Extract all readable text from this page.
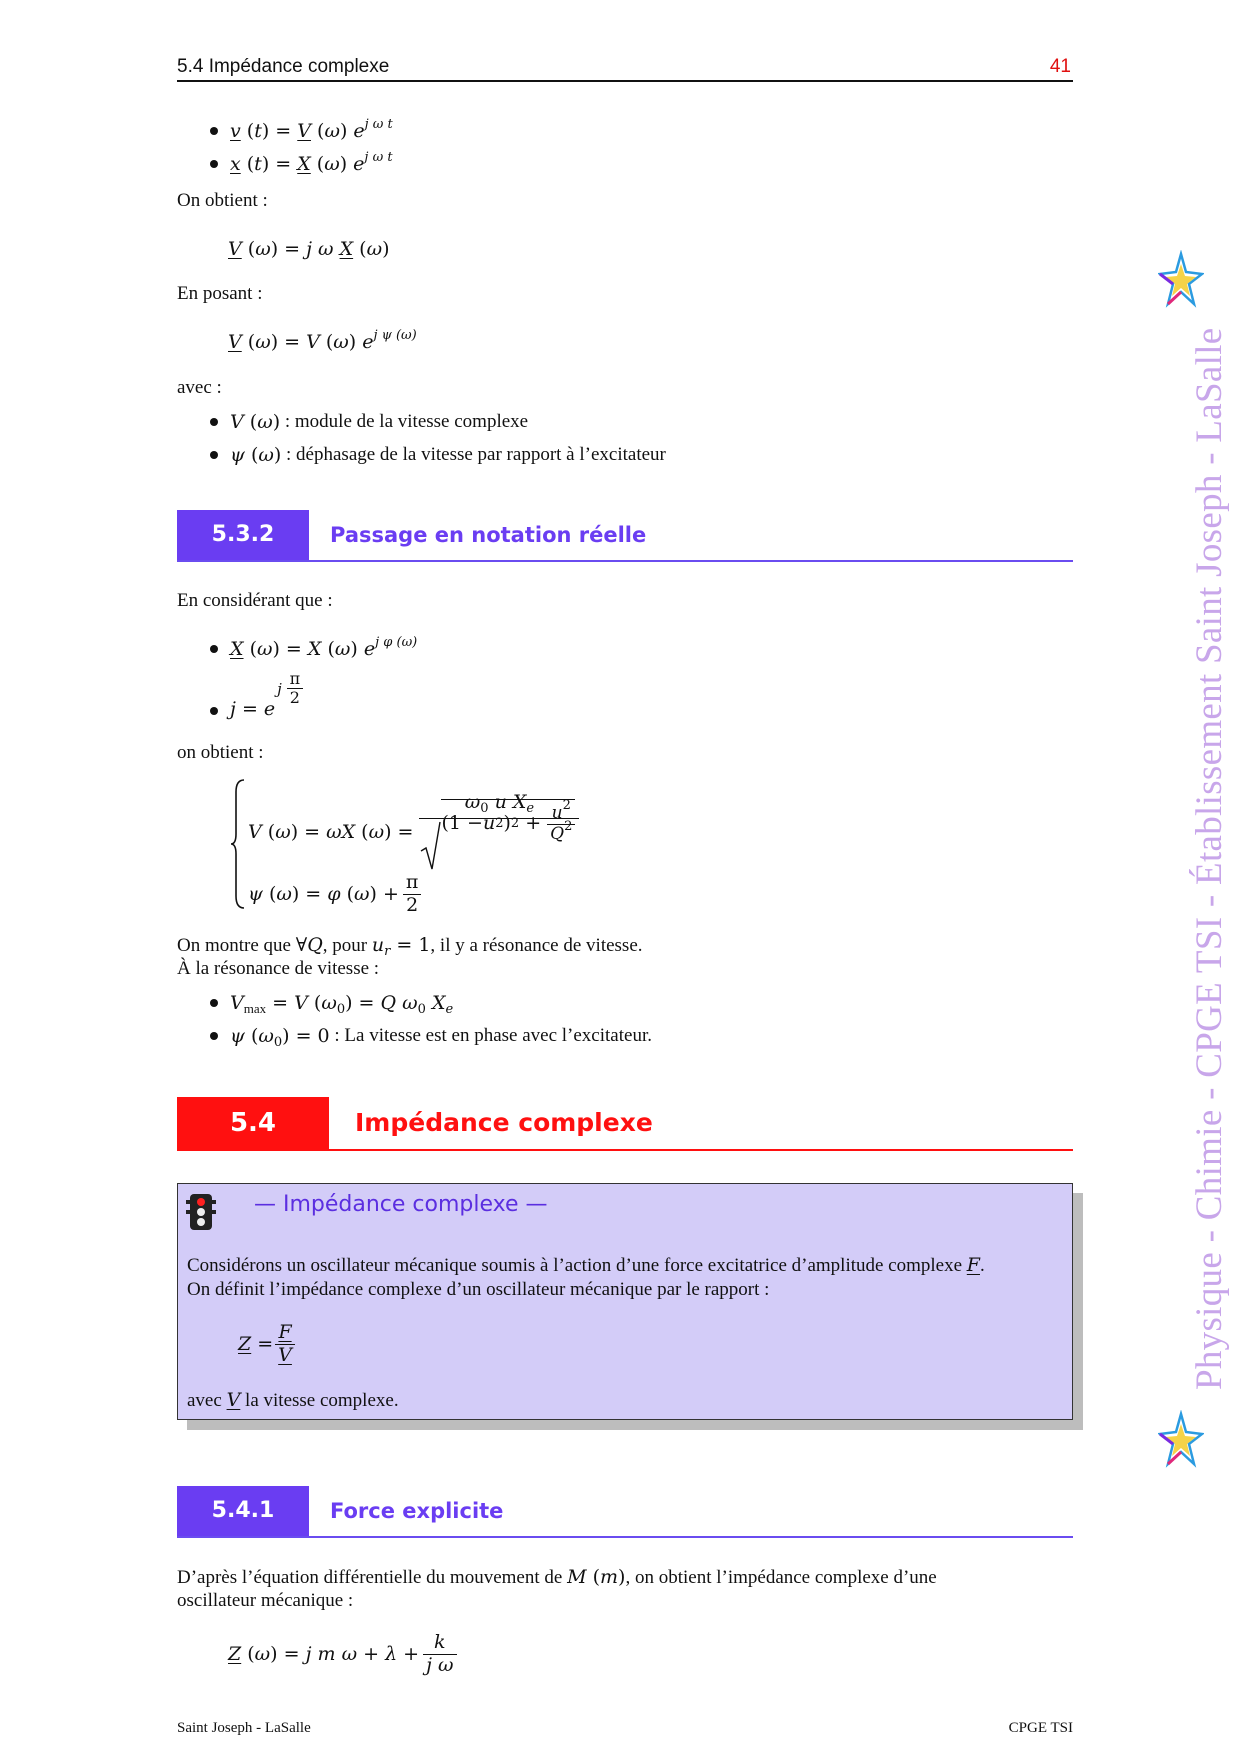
5.4 Impédance complexe	41
v (t) = V (ω) $e^{j \omega t}$
x (t) = X (ω) $e^{j \omega t}$
On obtient :
V (ω) = j ω X (ω)
En posant :
V (ω) = V (ω) $e^{j \psi (\omega)}$
avec :
V (ω)
: module de la vitesse complexe
ψ (ω)
: déphasage de la vitesse par rapport à l’excitateur
5.3.2	Passage en notation réelle
En considérant que :
X (ω) = X (ω) $e^{j \varphi (\omega)}$
j = e
j $\frac{\pi}{2}$
on obtient :
V (ω) = ωX $(\omega) = \frac{\omega_0 u X_e}{(1 - u 2 ) 2 + \frac{u^2}{Q^2}}$
ψ (ω) = φ $(\omega) + \frac{\pi}{2}$
On montre que ∀Q, pour $u_r = 1$, il y a résonance de vitesse.
À la résonance de vitesse :
$V_{max} = V$ $(\omega_0) = Q$ $\omega_0$ $X_e$
ψ $(\omega_0) = 0$
: La vitesse est en phase avec l’excitateur.
5.4	Impédance complexe
— Impédance complexe —
Considérons un oscillateur mécanique soumis à l’action d’une force excitatrice d’amplitude complexe F.
On définit l’impédance complexe d’un oscillateur mécanique par le rapport :
$Z = \frac{F}{V}$
avec V la vitesse complexe.
5.4.1	Force explicite
D’après l’équation différentielle du mouvement de M (m), on obtient l’impédance complexe d’une
oscillateur mécanique :
Z (ω) = j m $\omega + \lambda + \frac{k}{\text{j ω}}$
Physique - Chimie - CPGE TSI - Établissement Saint Joseph - LaSalle
Saint Joseph - LaSalle	CPGE TSI
